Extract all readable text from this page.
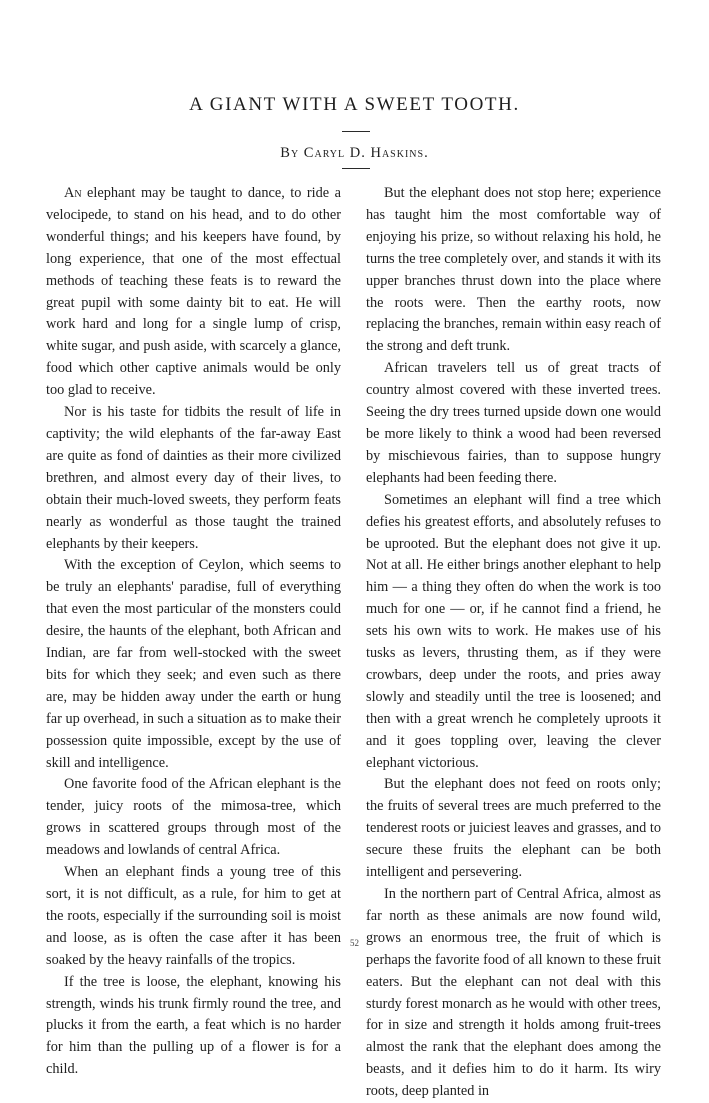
A GIANT WITH A SWEET TOOTH.
By Caryl D. Haskins.

An elephant may be taught to dance, to ride a velocipede, to stand on his head, and to do other wonderful things; and his keepers have found, by long experience, that one of the most effectual methods of teaching these feats is to reward the great pupil with some dainty bit to eat. He will work hard and long for a single lump of crisp, white sugar, and push aside, with scarcely a glance, food which other captive animals would be only too glad to receive.

Nor is his taste for tidbits the result of life in captivity; the wild elephants of the far-away East are quite as fond of dainties as their more civilized brethren, and almost every day of their lives, to obtain their much-loved sweets, they perform feats nearly as wonderful as those taught the trained elephants by their keepers.

With the exception of Ceylon, which seems to be truly an elephants' paradise, full of everything that even the most particular of the monsters could desire, the haunts of the elephant, both African and Indian, are far from well-stocked with the sweet bits for which they seek; and even such as there are, may be hidden away under the earth or hung far up overhead, in such a situation as to make their possession quite impossible, except by the use of skill and intelligence.

One favorite food of the African elephant is the tender, juicy roots of the mimosa-tree, which grows in scattered groups through most of the meadows and lowlands of central Africa.

When an elephant finds a young tree of this sort, it is not difficult, as a rule, for him to get at the roots, especially if the surrounding soil is moist and loose, as is often the case after it has been soaked by the heavy rainfalls of the tropics.

If the tree is loose, the elephant, knowing his strength, winds his trunk firmly round the tree, and plucks it from the earth, a feat which is no harder for him than the pulling up of a flower is for a child.

But the elephant does not stop here; experience has taught him the most comfortable way of enjoying his prize, so without relaxing his hold, he turns the tree completely over, and stands it with its upper branches thrust down into the place where the roots were. Then the earthy roots, now replacing the branches, remain within easy reach of the strong and deft trunk.

African travelers tell us of great tracts of country almost covered with these inverted trees. Seeing the dry trees turned upside down one would be more likely to think a wood had been reversed by mischievous fairies, than to suppose hungry elephants had been feeding there.

Sometimes an elephant will find a tree which defies his greatest efforts, and absolutely refuses to be uprooted. But the elephant does not give it up. Not at all. He either brings another elephant to help him — a thing they often do when the work is too much for one — or, if he cannot find a friend, he sets his own wits to work. He makes use of his tusks as levers, thrusting them, as if they were crowbars, deep under the roots, and pries away slowly and steadily until the tree is loosened; and then with a great wrench he completely uproots it and it goes toppling over, leaving the clever elephant victorious.

But the elephant does not feed on roots only; the fruits of several trees are much preferred to the tenderest roots or juiciest leaves and grasses, and to secure these fruits the elephant can be both intelligent and persevering.

In the northern part of Central Africa, almost as far north as these animals are now found wild, grows an enormous tree, the fruit of which is perhaps the favorite food of all known to these fruit eaters. But the elephant can not deal with this sturdy forest monarch as he would with other trees, for in size and strength it holds among fruit-trees almost the rank that the elephant does among the beasts, and it defies him to do it harm. Its wiry roots, deep planted in

52
